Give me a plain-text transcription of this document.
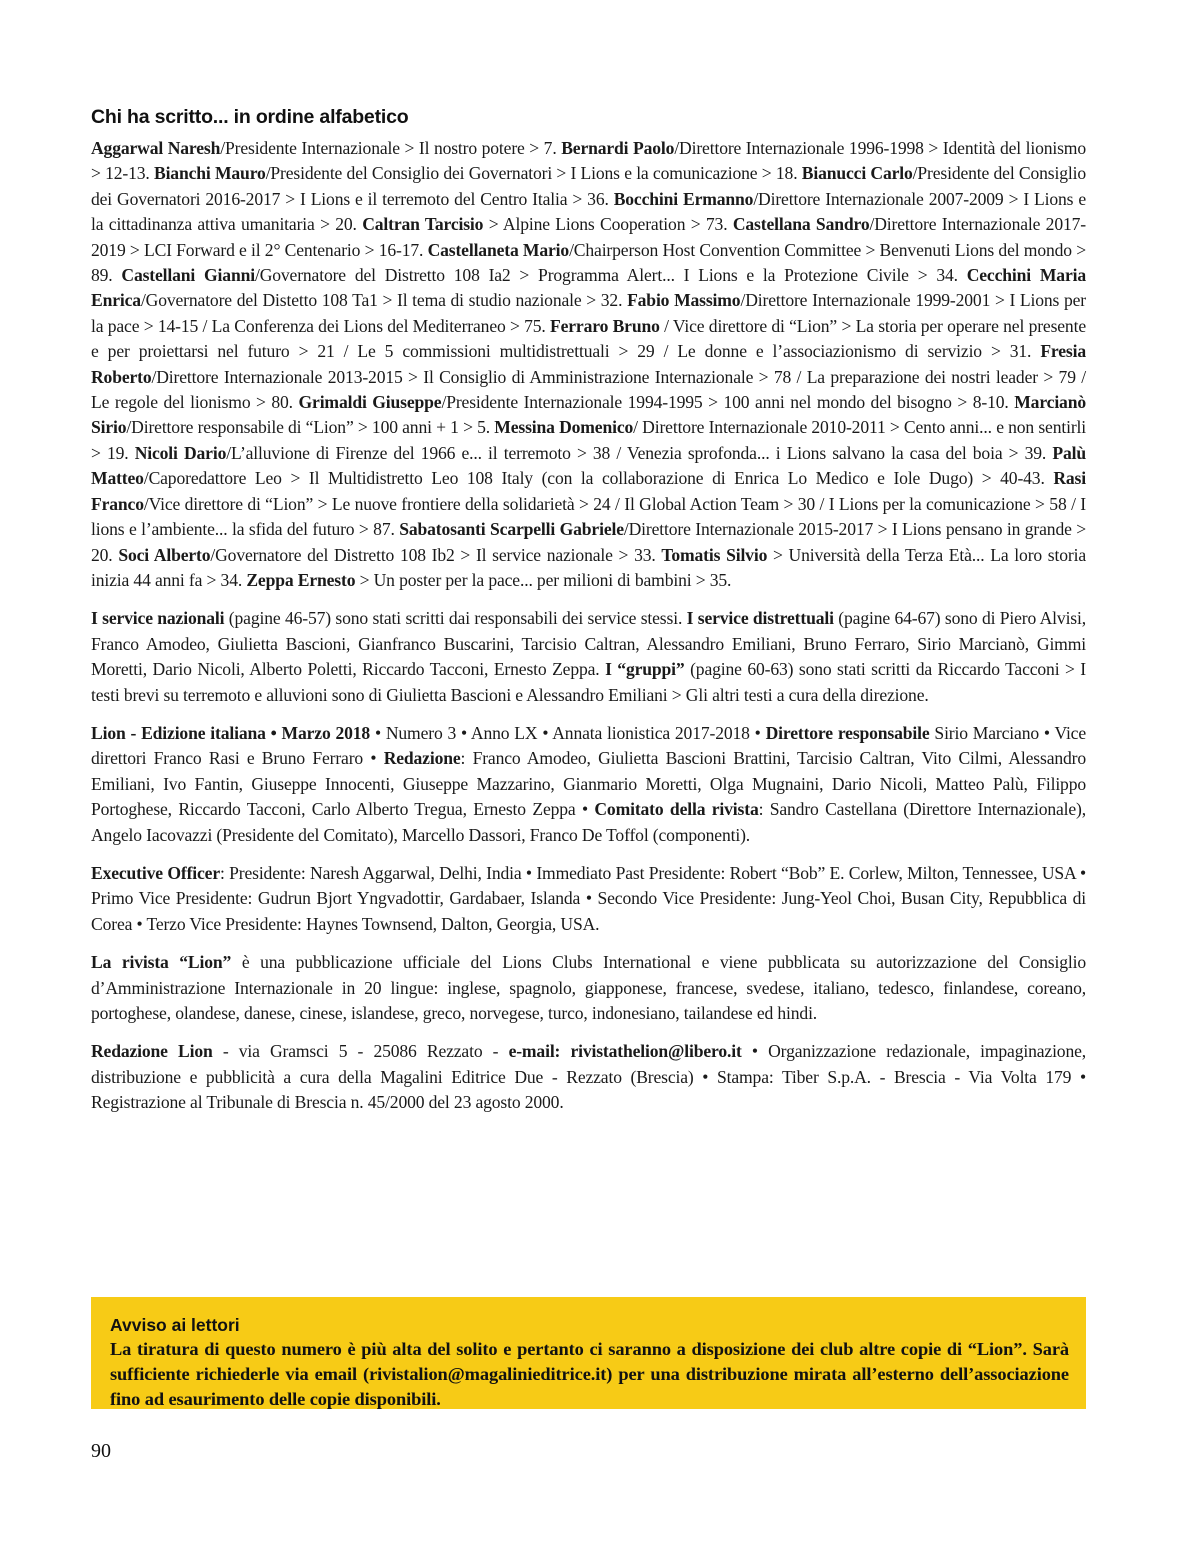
Chi ha scritto... in ordine alfabetico

Aggarwal Naresh/Presidente Internazionale > Il nostro potere > 7. Bernardi Paolo/Direttore Internazionale 1996-1998 > Identità del lionismo > 12-13. Bianchi Mauro/Presidente del Consiglio dei Governatori > I Lions e la comunicazione > 18. Bianucci Carlo/Presidente del Consiglio dei Governatori 2016-2017 > I Lions e il terremoto del Centro Italia > 36. Bocchini Ermanno/Direttore Internazionale 2007-2009 > I Lions e la cittadinanza attiva umanitaria > 20. Caltran Tarcisio > Alpine Lions Cooperation > 73. Castellana Sandro/Direttore Internazionale 2017-2019 > LCI Forward e il 2° Centenario > 16-17. Castellaneta Mario/Chairperson Host Convention Committee > Benvenuti Lions del mondo > 89. Castellani Gianni/Governatore del Distretto 108 Ia2 > Programma Alert... I Lions e la Protezione Civile > 34. Cecchini Maria Enrica/Governatore del Distetto 108 Ta1 > Il tema di studio nazionale > 32. Fabio Massimo/Direttore Internazionale 1999-2001 > I Lions per la pace > 14-15 / La Conferenza dei Lions del Mediterraneo > 75. Ferraro Bruno / Vice direttore di “Lion” > La storia per operare nel presente e per proiettarsi nel futuro > 21 / Le 5 commissioni multidistrettuali > 29 / Le donne e l’associazionismo di servizio > 31. Fresia Roberto/Direttore Internazionale 2013-2015 > Il Consiglio di Amministrazione Internazionale > 78 / La preparazione dei nostri leader > 79 / Le regole del lionismo > 80. Grimaldi Giuseppe/Presidente Internazionale 1994-1995 > 100 anni nel mondo del bisogno > 8-10. Marcianò Sirio/Direttore responsabile di “Lion” > 100 anni + 1 > 5. Messina Domenico/ Direttore Internazionale 2010-2011 > Cento anni... e non sentirli > 19. Nicoli Dario/L’alluvione di Firenze del 1966 e... il terremoto > 38 / Venezia sprofonda... i Lions salvano la casa del boia > 39. Palù Matteo/Caporedattore Leo > Il Multidistretto Leo 108 Italy (con la collaborazione di Enrica Lo Medico e Iole Dugo) > 40-43. Rasi Franco/Vice direttore di “Lion” > Le nuove frontiere della solidarietà > 24 / Il Global Action Team > 30 / I Lions per la comunicazione > 58 / I lions e l’ambiente... la sfida del futuro > 87. Sabatosanti Scarpelli Gabriele/Direttore Internazionale 2015-2017 > I Lions pensano in grande > 20. Soci Alberto/Governatore del Distretto 108 Ib2 > Il service nazionale > 33. Tomatis Silvio > Università della Terza Età... La loro storia inizia 44 anni fa > 34. Zeppa Ernesto > Un poster per la pace... per milioni di bambini > 35.

I service nazionali (pagine 46-57) sono stati scritti dai responsabili dei service stessi. I service distrettuali (pagine 64-67) sono di Piero Alvisi, Franco Amodeo, Giulietta Bascioni, Gianfranco Buscarini, Tarcisio Caltran, Alessandro Emiliani, Bruno Ferraro, Sirio Marcianò, Gimmi Moretti, Dario Nicoli, Alberto Poletti, Riccardo Tacconi, Ernesto Zeppa. I “gruppi” (pagine 60-63) sono stati scritti da Riccardo Tacconi > I testi brevi su terremoto e alluvioni sono di Giulietta Bascioni e Alessandro Emiliani > Gli altri testi a cura della direzione.

Lion - Edizione italiana • Marzo 2018 • Numero 3 • Anno LX • Annata lionistica 2017-2018 • Direttore responsabile Sirio Marciano • Vice direttori Franco Rasi e Bruno Ferraro • Redazione: Franco Amodeo, Giulietta Bascioni Brattini, Tarcisio Caltran, Vito Cilmi, Alessandro Emiliani, Ivo Fantin, Giuseppe Innocenti, Giuseppe Mazzarino, Gianmario Moretti, Olga Mugnaini, Dario Nicoli, Matteo Palù, Filippo Portoghese, Riccardo Tacconi, Carlo Alberto Tregua, Ernesto Zeppa • Comitato della rivista: Sandro Castellana (Direttore Internazionale), Angelo Iacovazzi (Presidente del Comitato), Marcello Dassori, Franco De Toffol (componenti).

Executive Officer: Presidente: Naresh Aggarwal, Delhi, India • Immediato Past Presidente: Robert “Bob” E. Corlew, Milton, Tennessee, USA • Primo Vice Presidente: Gudrun Bjort Yngvadottir, Gardabaer, Islanda • Secondo Vice Presidente: Jung-Yeol Choi, Busan City, Repubblica di Corea • Terzo Vice Presidente: Haynes Townsend, Dalton, Georgia, USA.

La rivista “Lion” è una pubblicazione ufficiale del Lions Clubs International e viene pubblicata su autorizzazione del Consiglio d’Amministrazione Internazionale in 20 lingue: inglese, spagnolo, giapponese, francese, svedese, italiano, tedesco, finlandese, coreano, portoghese, olandese, danese, cinese, islandese, greco, norvegese, turco, indonesiano, tailandese ed hindi.

Redazione Lion - via Gramsci 5 - 25086 Rezzato - e-mail: rivistathelion@libero.it • Organizzazione redazionale, impaginazione, distribuzione e pubblicità a cura della Magalini Editrice Due - Rezzato (Brescia) • Stampa: Tiber S.p.A. - Brescia - Via Volta 179 • Registrazione al Tribunale di Brescia n. 45/2000 del 23 agosto 2000.

Avviso ai lettori
La tiratura di questo numero è più alta del solito e pertanto ci saranno a disposizione dei club altre copie di “Lion”. Sarà sufficiente richiederle via email (rivistalion@magalinieditrice.it) per una distribuzione mirata all’esterno dell’associazione fino ad esaurimento delle copie disponibili.
90
